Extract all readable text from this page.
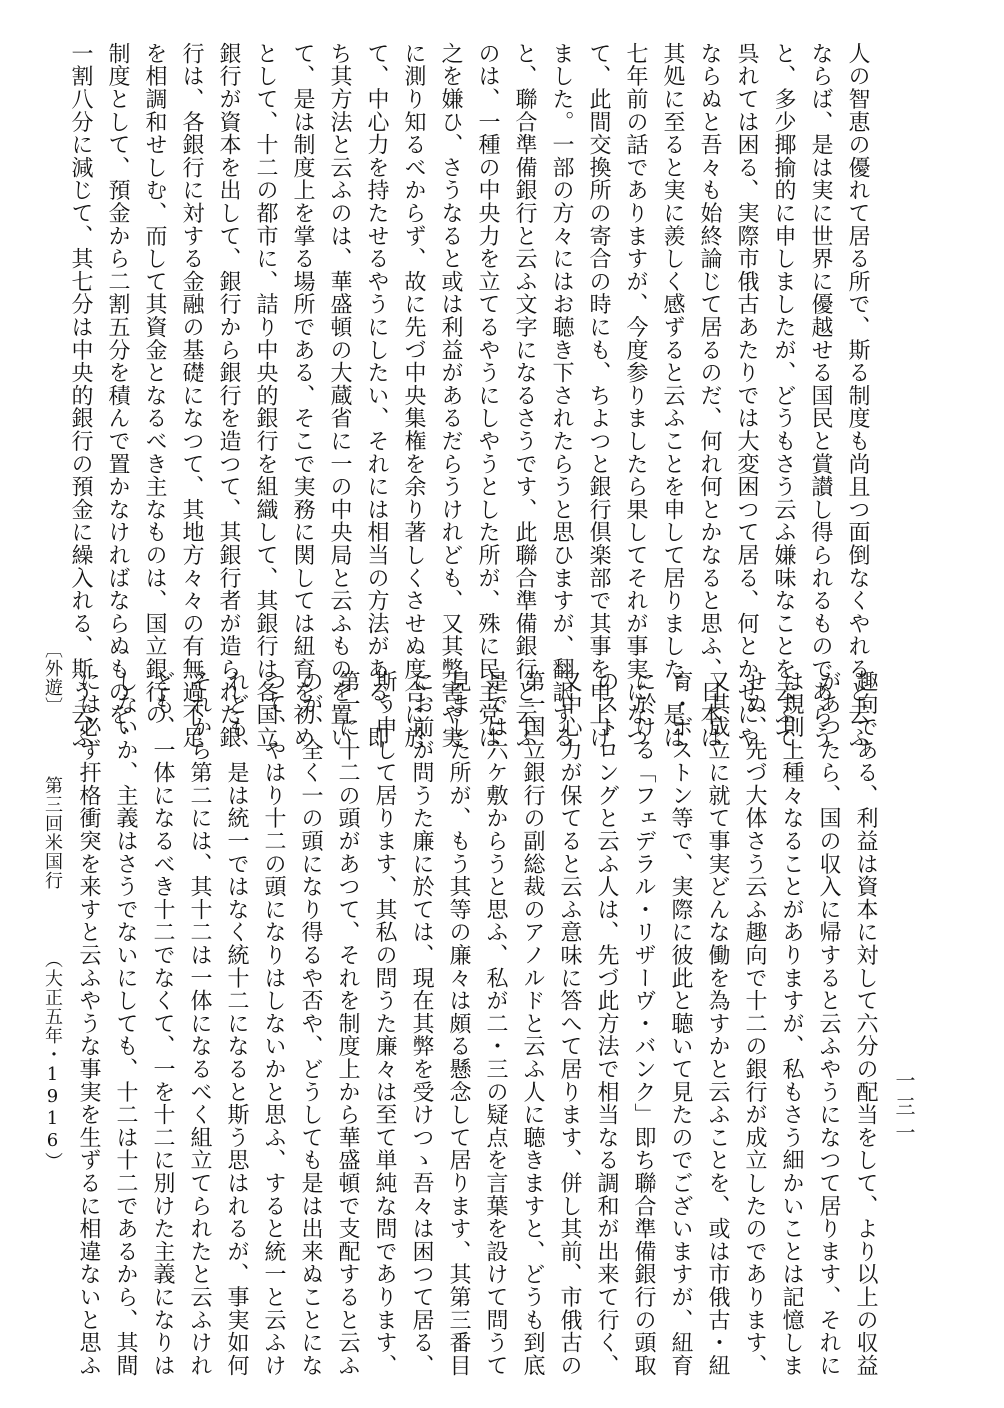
人の智恵の優れて居る所で、斯る制度も尚且つ面倒なくやれると云ふ
ならば、是は実に世界に優越せる国民と賞讃し得られるものであらう
と、多少揶揄的に申しましたが、どうもさう云ふ嫌味なことを云ふて
呉れては困る、実際市俄古あたりでは大変困つて居る、何とかせにや
ならぬと吾々も始終論じて居るのだ、何れ何とかなると思ふ、日本は
其処に至ると実に羨しく感ずると云ふことを申して居りました。是は
七年前の話でありますが、今度参りましたら果してそれが事実になつ
て、此間交換所の寄合の時にも、ちよつと銀行倶楽部で其事を申上げ
ました。一部の方々にはお聴き下されたらうと思ひますが、翻訳する
と、聯合準備銀行と云ふ文字になるさうです、此聯合準備銀行と云ふ
のは、一種の中央力を立てるやうにしやうとした所が、殊に民主党は
之を嫌ひ、さうなると或は利益があるだらうけれども、又其弊害や実
に測り知るべからず、故に先づ中央集権を余り著しくさせぬ度合に於
て、中心力を持たせるやうにしたい、それには相当の方法がある、即
ち其方法と云ふのは、華盛頓の大蔵省に一の中央局と云ふものを置い
て、是は制度上を掌る場所である、そこで実務に関しては紐育を初め
として、十二の都市に、詰り中央的銀行を組織して、其銀行は各国立
銀行が資本を出して、銀行から銀行を造つて、其銀行者が造られた銀
行は、各銀行に対する金融の基礎になつて、其地方々々の有無過不足
を相調和せしむ、而して其資金となるべき主なものは、国立銀行の
制度として、預金から二割五分を積んで置かなければならぬものを、
一割八分に減じて、其七分は中央的銀行の預金に繰入れる、斯う云ふ
趣向である、利益は資本に対して六分の配当をして、より以上の収益
があつたら、国の収入に帰すると云ふやうになつて居ります、それに
は規則上種々なることがありますが、私もさう細かいことは記憶しま
せぬ、先づ大体さう云ふ趣向で十二の銀行が成立したのであります、
又其成立に就て事実どんな働を為すかと云ふことを、或は市俄古・紐
育・ボストン等で、実際に彼此と聴いて見たのでございますが、紐育
に於ける「フェデラル・リザーヴ・バンク」即ち聯合準備銀行の頭取
のストロングと云ふ人は、先づ此方法で相当なる調和が出来て行く、
又中心力が保てると云ふ意味に答へて居ります、併し其前、市俄古の
第一国立銀行の副総裁のアノルドと云ふ人に聴きますと、どうも到底
是では六ケ敷からうと思ふ、私が二・三の疑点を言葉を設けて問うて
見ました所が、もう其等の廉々は頗る懸念して居ります、其第三番目
にお前が問うた廉に於ては、現在其弊を受けつゝ吾々は困つて居る、
斯う申して居ります、其私の問うた廉々は至て単純な問であります、
第一に十二の頭があつて、それを制度上から華盛頓で支配すると云ふ
のが、全く一の頭になり得るや否や、どうしても是は出来ぬことにな
つて、やはり十二の頭になりはしないかと思ふ、すると統一と云ふけ
れども、是は統一ではなく統十二になると斯う思はれるが、事実如何
それから第二には、其十二は一体になるべく組立てられたと云ふけれ
ども、一体になるべき十二でなくて、一を十二に別けた主義になりは
しないか、主義はさうでないにしても、十二は十二であるから、其間
には必ず扞格衝突を来すと云ふやうな事実を生ずるに相違ないと思ふ
〔外遊〕  第三回米国行  （大正五年・1916）	一三一
